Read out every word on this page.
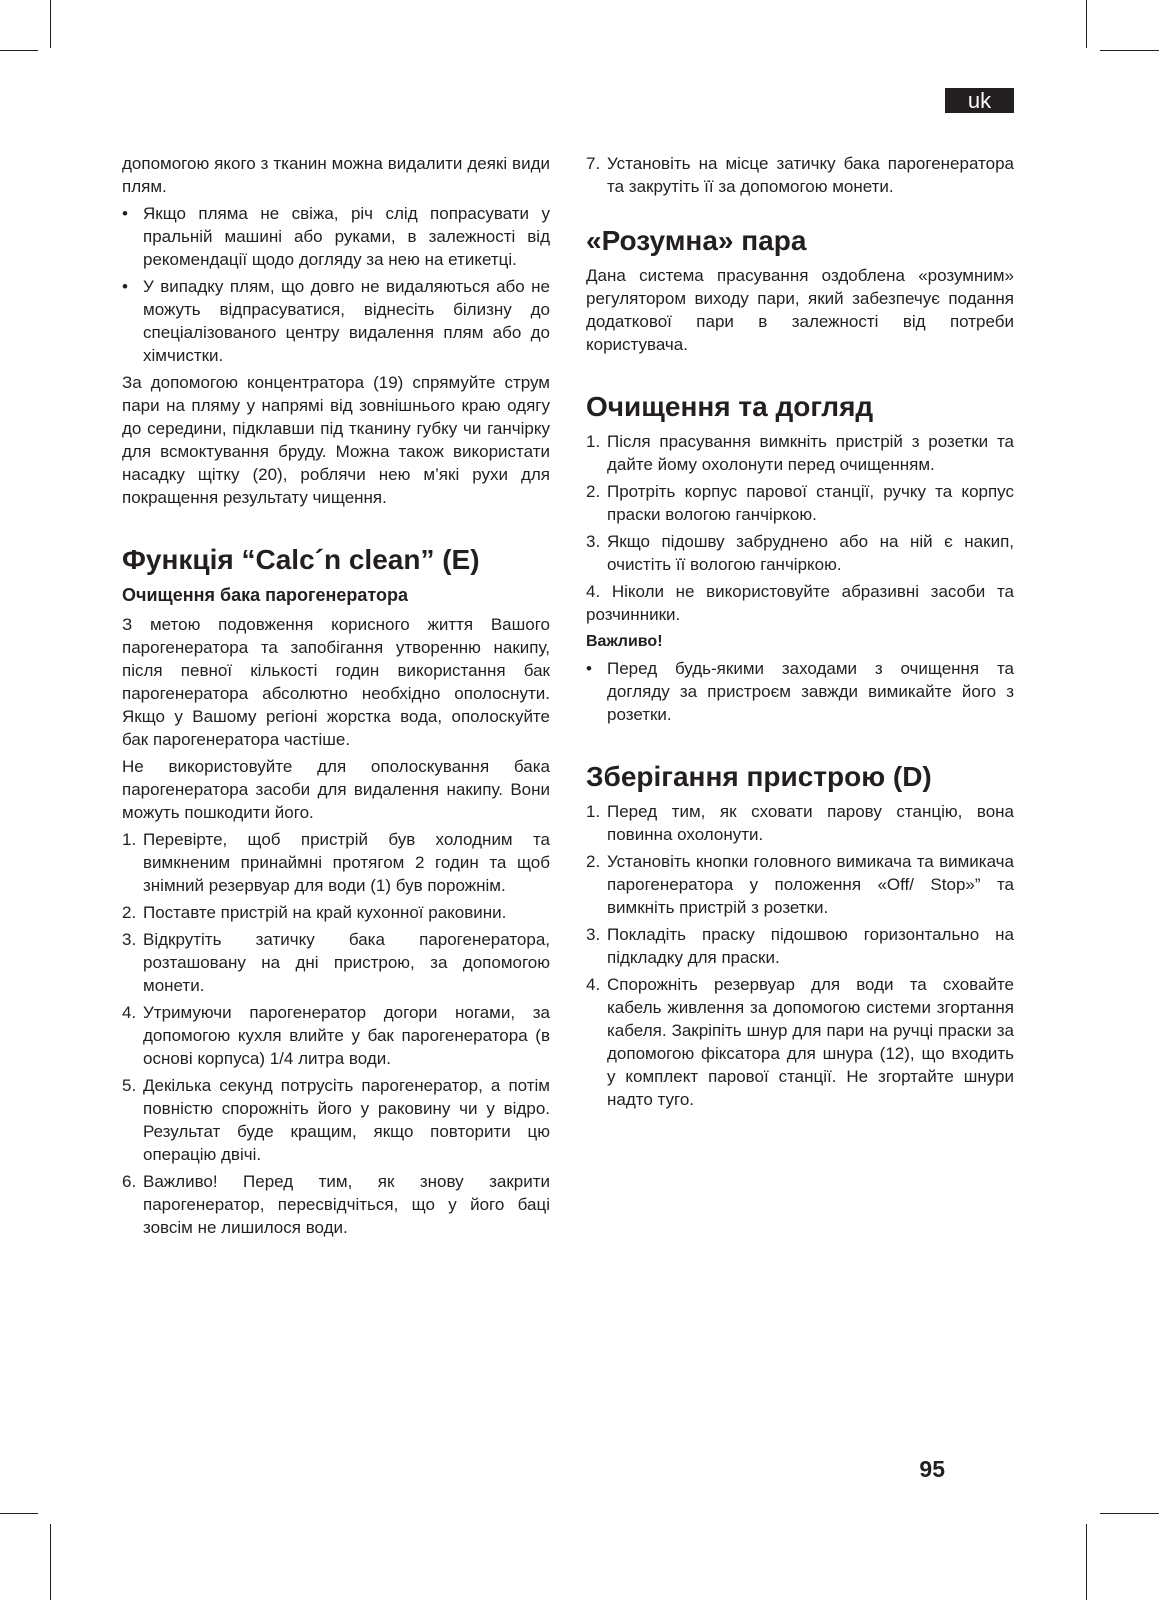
uk

допомогою якого з тканин можна видалити деякі види плям.

• Якщо пляма не свіжа, річ слід попрасувати у пральній машині або руками, в залежності від рекомендації щодо догляду за нею на етикетці.
• У випадку плям, що довго не видаляються або не можуть відпрасуватися, віднесіть білизну до спеціалізованого центру видалення плям або до хімчистки.

За допомогою концентратора (19) спрямуйте струм пари на пляму у напрямі від зовнішнього краю одягу до середини, підклавши під тканину губку чи ганчірку для всмоктування бруду. Можна також використати насадку щітку (20), роблячи нею м’які рухи для покращення результату чищення.

Функція “Calc´n clean” (E)
Очищення бака парогенератора

З метою подовження корисного життя Вашого парогенератора та запобігання утворенню накипу, після певної кількості годин використання бак парогенератора абсолютно необхідно ополоснути. Якщо у Вашому регіоні жорстка вода, ополоскуйте бак парогенератора частіше.

Не використовуйте для ополоскування бака парогенератора засоби для видалення накипу. Вони можуть пошкодити його.

1. Перевірте, щоб пристрій був холодним та вимкненим принаймні протягом 2 годин та щоб знімний резервуар для води (1) був порожнім.
2. Поставте пристрій на край кухонної раковини.
3. Відкрутіть затичку бака парогенератора, розташовану на дні пристрою, за допомогою монети.
4. Утримуючи парогенератор догори ногами, за допомогою кухля влийте у бак парогенератора (в основі корпуса) 1/4 литра води.
5. Декілька секунд потрусіть парогенератор, а потім повністю спорожніть його у раковину чи у відро. Результат буде кращим, якщо повторити цю операцію двічі.
6. Важливо! Перед тим, як знову закрити парогенератор, пересвідчіться, що у його баці зовсім не лишилося води.
7. Установіть на місце затичку бака парогенератора та закрутіть її за допомогою монети.
«Розумна» пара

Дана система прасування оздоблена «розумним» регулятором виходу пари, який забезпечує подання додаткової пари в залежності від потреби користувача.

Очищення та догляд
1. Після прасування вимкніть пристрій з розетки та дайте йому охолонути перед очищенням.
2. Протріть корпус парової станції, ручку та корпус праски вологою ганчіркою.
3. Якщо підошву забруднено або на ній є накип, очистіть її вологою ганчіркою.

4. Ніколи не використовуйте абразивні засоби та розчинники.

Важливо!
• Перед будь-якими заходами з очищення та догляду за пристроєм завжди вимикайте його з розетки.
Зберігання пристрою (D)
1. Перед тим, як сховати парову станцію, вона повинна охолонути.
2. Установіть кнопки головного вимикача та вимикача парогенератора у положення «Off/ Stop»” та вимкніть пристрій з розетки.
3. Покладіть праску підошвою горизонтально на підкладку для праски.
4. Спорожніть резервуар для води та сховайте кабель живлення за допомогою системи згортання кабеля. Закріпіть шнур для пари на ручці праски за допомогою фіксатора для шнура (12), що входить у комплект парової станції. Не згортайте шнури надто туго.
95
